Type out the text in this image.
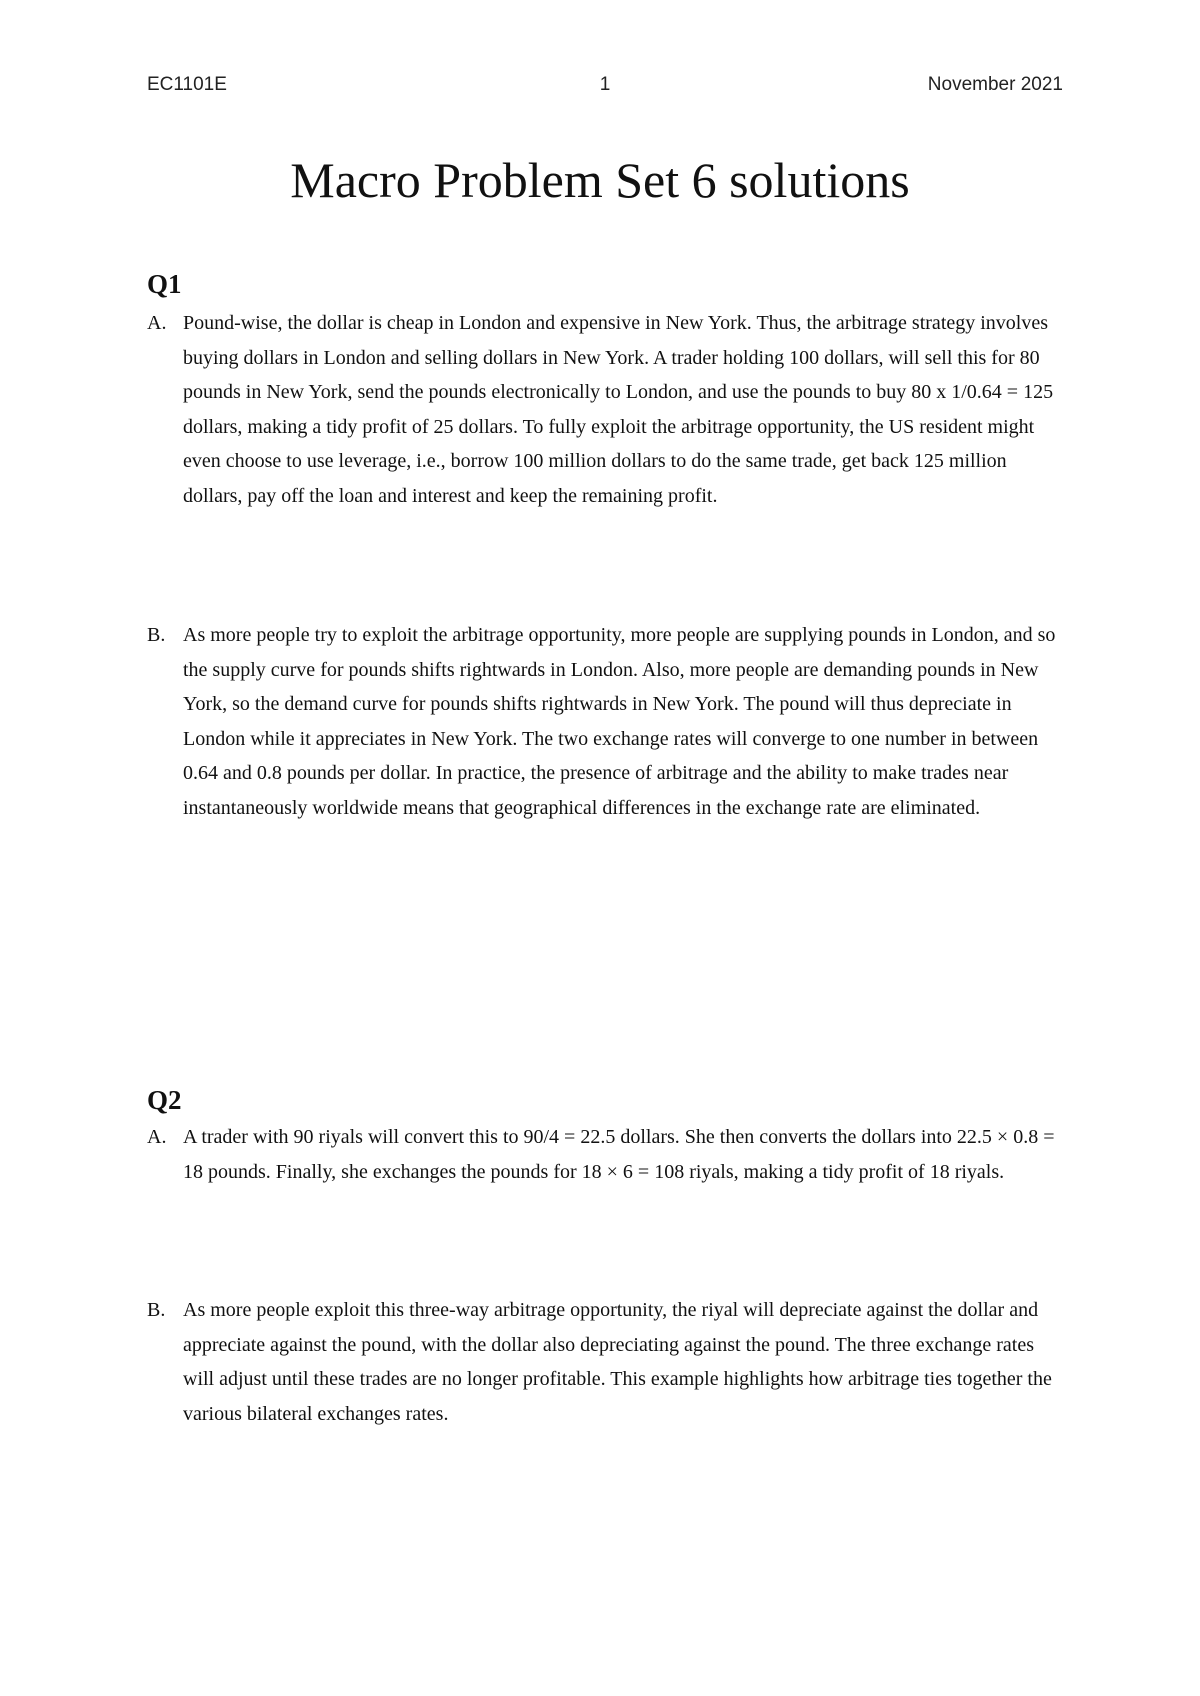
EC1101E	1	November 2021
Macro Problem Set 6 solutions
Q1
A. Pound-wise, the dollar is cheap in London and expensive in New York. Thus, the arbitrage strategy involves buying dollars in London and selling dollars in New York. A trader holding 100 dollars, will sell this for 80 pounds in New York, send the pounds electronically to London, and use the pounds to buy 80 x 1/0.64 = 125 dollars, making a tidy profit of 25 dollars. To fully exploit the arbitrage opportunity, the US resident might even choose to use leverage, i.e., borrow 100 million dollars to do the same trade, get back 125 million dollars, pay off the loan and interest and keep the remaining profit.
B. As more people try to exploit the arbitrage opportunity, more people are supplying pounds in London, and so the supply curve for pounds shifts rightwards in London. Also, more people are demanding pounds in New York, so the demand curve for pounds shifts rightwards in New York. The pound will thus depreciate in London while it appreciates in New York. The two exchange rates will converge to one number in between 0.64 and 0.8 pounds per dollar. In practice, the presence of arbitrage and the ability to make trades near instantaneously worldwide means that geographical differences in the exchange rate are eliminated.
Q2
A. A trader with 90 riyals will convert this to 90/4 = 22.5 dollars. She then converts the dollars into 22.5 × 0.8 = 18 pounds. Finally, she exchanges the pounds for 18 × 6 = 108 riyals, making a tidy profit of 18 riyals.
B. As more people exploit this three-way arbitrage opportunity, the riyal will depreciate against the dollar and appreciate against the pound, with the dollar also depreciating against the pound. The three exchange rates will adjust until these trades are no longer profitable. This example highlights how arbitrage ties together the various bilateral exchanges rates.
